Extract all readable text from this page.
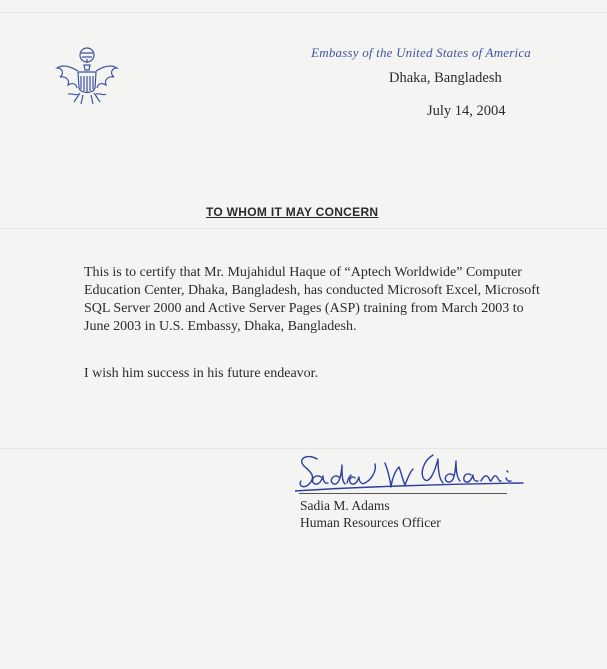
Embassy of the United States of America
Dhaka, Bangladesh
July 14, 2004
TO WHOM IT MAY CONCERN

This is to certify that Mr. Mujahidul Haque of “Aptech Worldwide” Computer Education Center, Dhaka, Bangladesh, has conducted Microsoft Excel, Microsoft SQL Server 2000 and Active Server Pages (ASP) training from March 2003 to June 2003 in U.S. Embassy, Dhaka, Bangladesh.

I wish him success in his future endeavor.

Sadia M. Adams
Human Resources Officer
